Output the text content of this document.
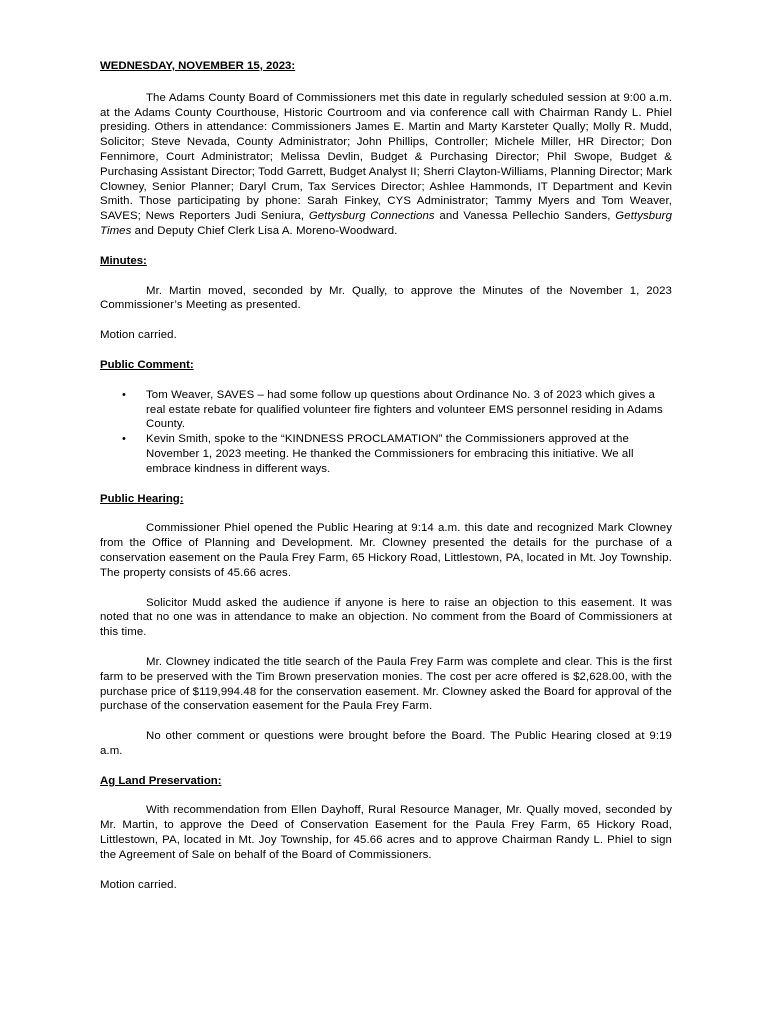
WEDNESDAY, NOVEMBER 15, 2023:

The Adams County Board of Commissioners met this date in regularly scheduled session at 9:00 a.m. at the Adams County Courthouse, Historic Courtroom and via conference call with Chairman Randy L. Phiel presiding. Others in attendance: Commissioners James E. Martin and Marty Karsteter Qually; Molly R. Mudd, Solicitor; Steve Nevada, County Administrator; John Phillips, Controller; Michele Miller, HR Director; Don Fennimore, Court Administrator; Melissa Devlin, Budget & Purchasing Director; Phil Swope, Budget & Purchasing Assistant Director; Todd Garrett, Budget Analyst II; Sherri Clayton-Williams, Planning Director; Mark Clowney, Senior Planner; Daryl Crum, Tax Services Director; Ashlee Hammonds, IT Department and Kevin Smith. Those participating by phone: Sarah Finkey, CYS Administrator; Tammy Myers and Tom Weaver, SAVES; News Reporters Judi Seniura, Gettysburg Connections and Vanessa Pellechio Sanders, Gettysburg Times and Deputy Chief Clerk Lisa A. Moreno-Woodward.

Minutes:

Mr. Martin moved, seconded by Mr. Qually, to approve the Minutes of the November 1, 2023 Commissioner’s Meeting as presented.

Motion carried.

Public Comment:

• Tom Weaver, SAVES – had some follow up questions about Ordinance No. 3 of 2023 which gives a real estate rebate for qualified volunteer fire fighters and volunteer EMS personnel residing in Adams County.
• Kevin Smith, spoke to the “KINDNESS PROCLAMATION” the Commissioners approved at the November 1, 2023 meeting. He thanked the Commissioners for embracing this initiative. We all embrace kindness in different ways.

Public Hearing:

Commissioner Phiel opened the Public Hearing at 9:14 a.m. this date and recognized Mark Clowney from the Office of Planning and Development. Mr. Clowney presented the details for the purchase of a conservation easement on the Paula Frey Farm, 65 Hickory Road, Littlestown, PA, located in Mt. Joy Township. The property consists of 45.66 acres.

Solicitor Mudd asked the audience if anyone is here to raise an objection to this easement. It was noted that no one was in attendance to make an objection. No comment from the Board of Commissioners at this time.

Mr. Clowney indicated the title search of the Paula Frey Farm was complete and clear. This is the first farm to be preserved with the Tim Brown preservation monies. The cost per acre offered is $2,628.00, with the purchase price of $119,994.48 for the conservation easement. Mr. Clowney asked the Board for approval of the purchase of the conservation easement for the Paula Frey Farm.

No other comment or questions were brought before the Board. The Public Hearing closed at 9:19 a.m.

Ag Land Preservation:

With recommendation from Ellen Dayhoff, Rural Resource Manager, Mr. Qually moved, seconded by Mr. Martin, to approve the Deed of Conservation Easement for the Paula Frey Farm, 65 Hickory Road, Littlestown, PA, located in Mt. Joy Township, for 45.66 acres and to approve Chairman Randy L. Phiel to sign the Agreement of Sale on behalf of the Board of Commissioners.

Motion carried.
